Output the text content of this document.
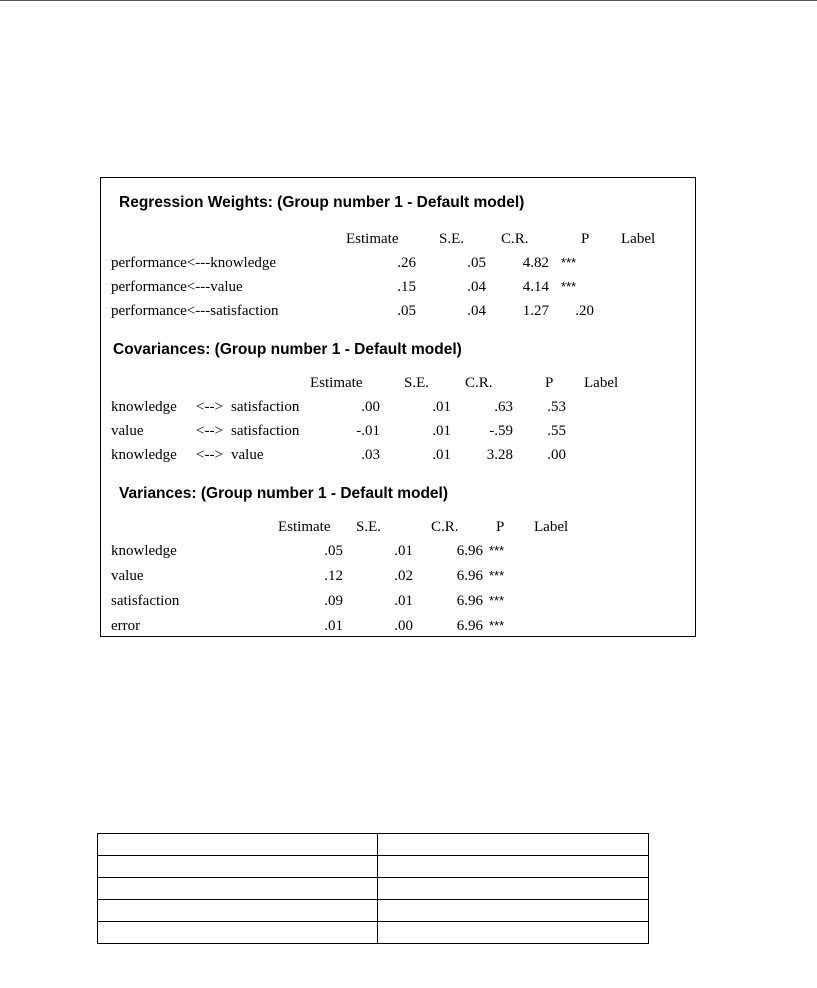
Regression Weights: (Group number 1 - Default model)
Estimate	S.E. C.R.	P Label
performance<---knowledge	.26	.05	4.82 ***
performance<---value	.15	.04	4.14 ***
performance<---satisfaction	.05	.04	1.27	.20
Covariances: (Group number 1 - Default model)
Estimate	S.E. C.R.	P Label
knowledge <--> satisfaction	.00	.01	.63	.53
value	<--> satisfaction	-.01	.01	-.59	.55
knowledge <--> value	.03	.01	3.28	.00
Variances: (Group number 1 - Default model)
Estimate S.E.	C.R. P Label
knowledge	.05	.01	6.96 ***
value	.12	.02	6.96 ***
satisfaction	.09	.01	6.96 ***
error	.01	.00	6.96 ***
